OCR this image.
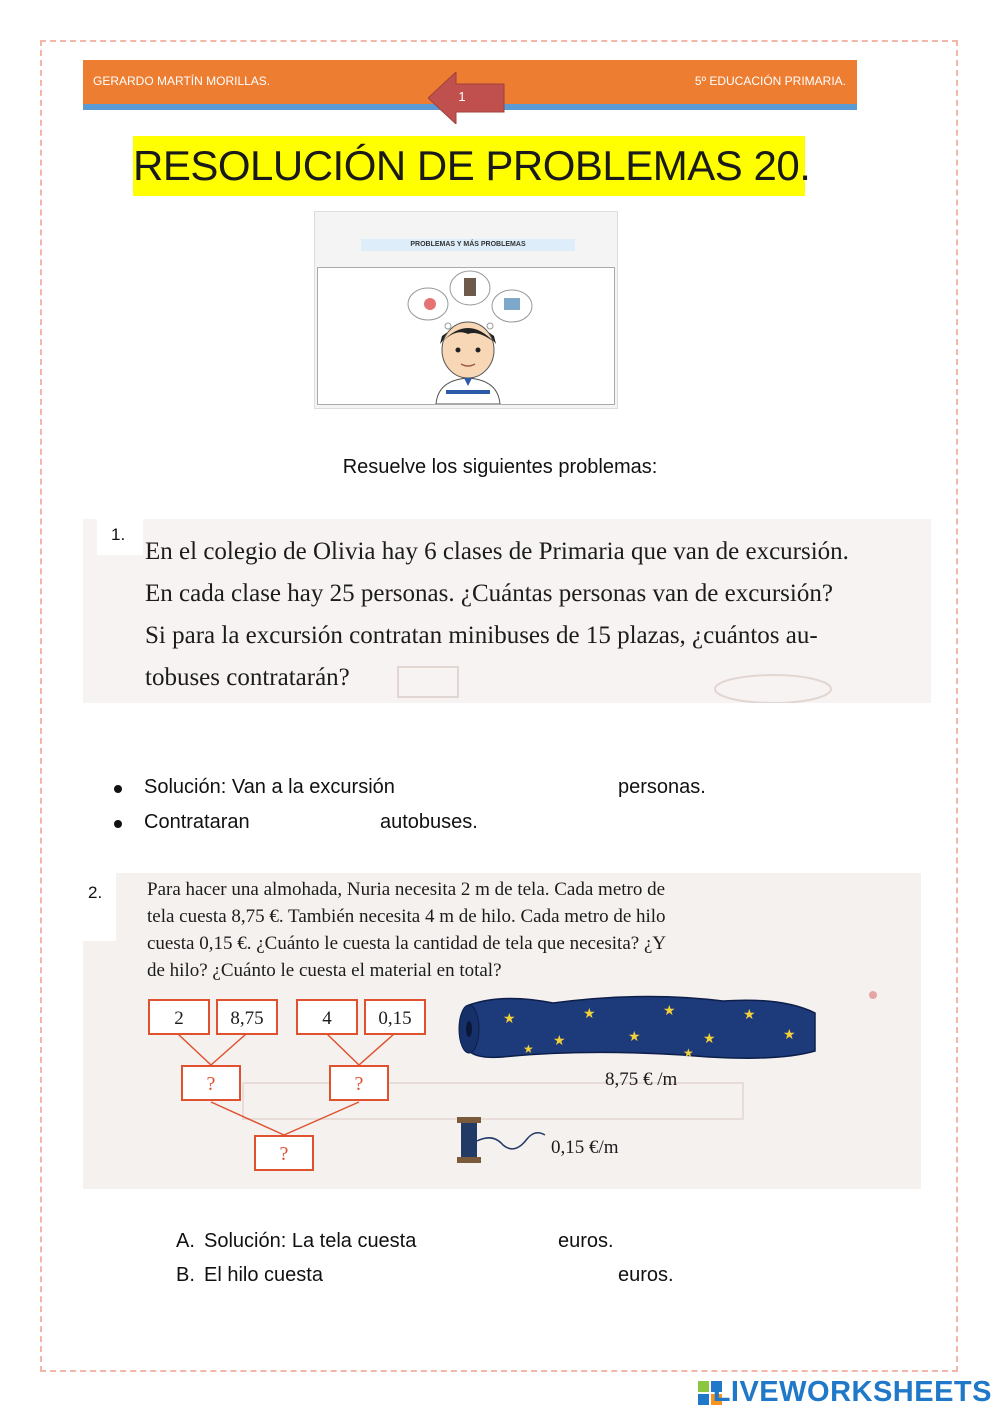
GERARDO MARTÍN MORILLAS.	5º EDUCACIÓN PRIMARIA.
1
RESOLUCIÓN DE PROBLEMAS 20.
PROBLEMAS Y MÁS PROBLEMAS
Resuelve los siguientes problemas:
1.
En el colegio de Olivia hay 6 clases de Primaria que van de excursión.
En cada clase hay 25 personas. ¿Cuántas personas van de excursión?
Si para la excursión contratan minibuses de 15 plazas, ¿cuántos au-
tobuses contratarán?
Solución: Van a la excursión	personas.
Contrataran	autobuses.
2 8,75	4 0,15
?	?
?
★
★
★
★
★
★
★
★
★	★
8,75 € /m
0,15 €/m
2.	Para hacer una almohada, Nuria necesita 2 m de tela. Cada metro de
tela cuesta 8,75 €. También necesita 4 m de hilo. Cada metro de hilo
cuesta 0,15 €. ¿Cuánto le cuesta la cantidad de tela que necesita? ¿Y
de hilo? ¿Cuánto le cuesta el material en total?
A. Solución: La tela cuesta	euros.
B. El hilo cuesta	euros.
LIVEWORKSHEETS
